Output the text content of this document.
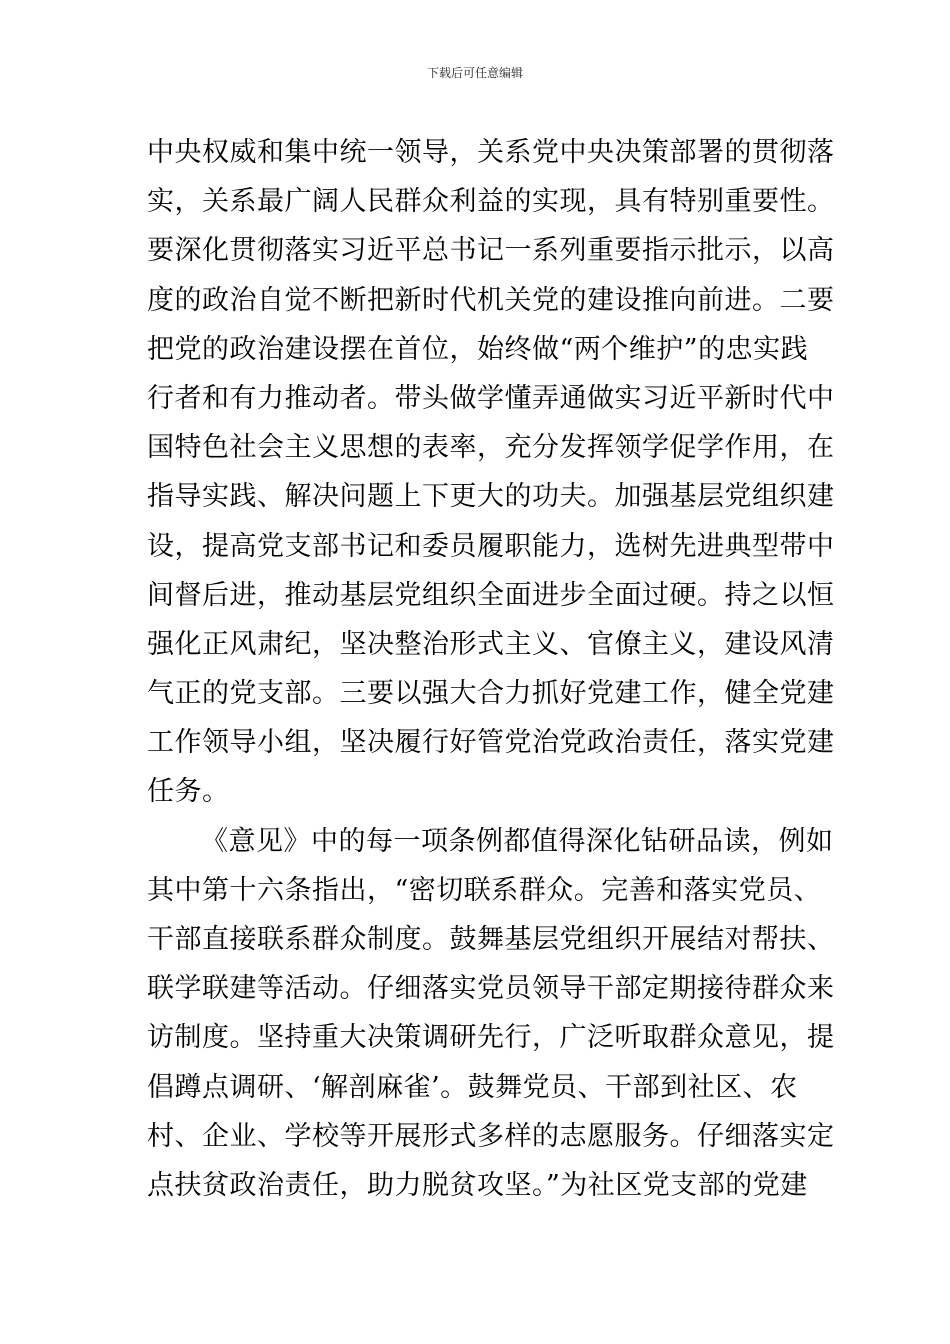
下载后可任意编辑
中央权威和集中统一领导，关系党中央决策部署的贯彻落
实，关系最广阔人民群众利益的实现，具有特别重要性。
要深化贯彻落实习近平总书记一系列重要指示批示，以高
度的政治自觉不断把新时代机关党的建设推向前进。二要
把党的政治建设摆在首位，始终做“两个维护”的忠实践
行者和有力推动者。带头做学懂弄通做实习近平新时代中
国特色社会主义思想的表率，充分发挥领学促学作用，在
指导实践、解决问题上下更大的功夫。加强基层党组织建
设，提高党支部书记和委员履职能力，选树先进典型带中
间督后进，推动基层党组织全面进步全面过硬。持之以恒
强化正风肃纪，坚决整治形式主义、官僚主义，建设风清
气正的党支部。三要以强大合力抓好党建工作，健全党建
工作领导小组，坚决履行好管党治党政治责任，落实党建
任务。
《意见》中的每一项条例都值得深化钻研品读，例如
其中第十六条指出，“密切联系群众。完善和落实党员、
干部直接联系群众制度。鼓舞基层党组织开展结对帮扶、
联学联建等活动。仔细落实党员领导干部定期接待群众来
访制度。坚持重大决策调研先行，广泛听取群众意见，提
倡蹲点调研、‘解剖麻雀’。鼓舞党员、干部到社区、农
村、企业、学校等开展形式多样的志愿服务。仔细落实定
点扶贫政治责任，助力脱贫攻坚。”为社区党支部的党建
